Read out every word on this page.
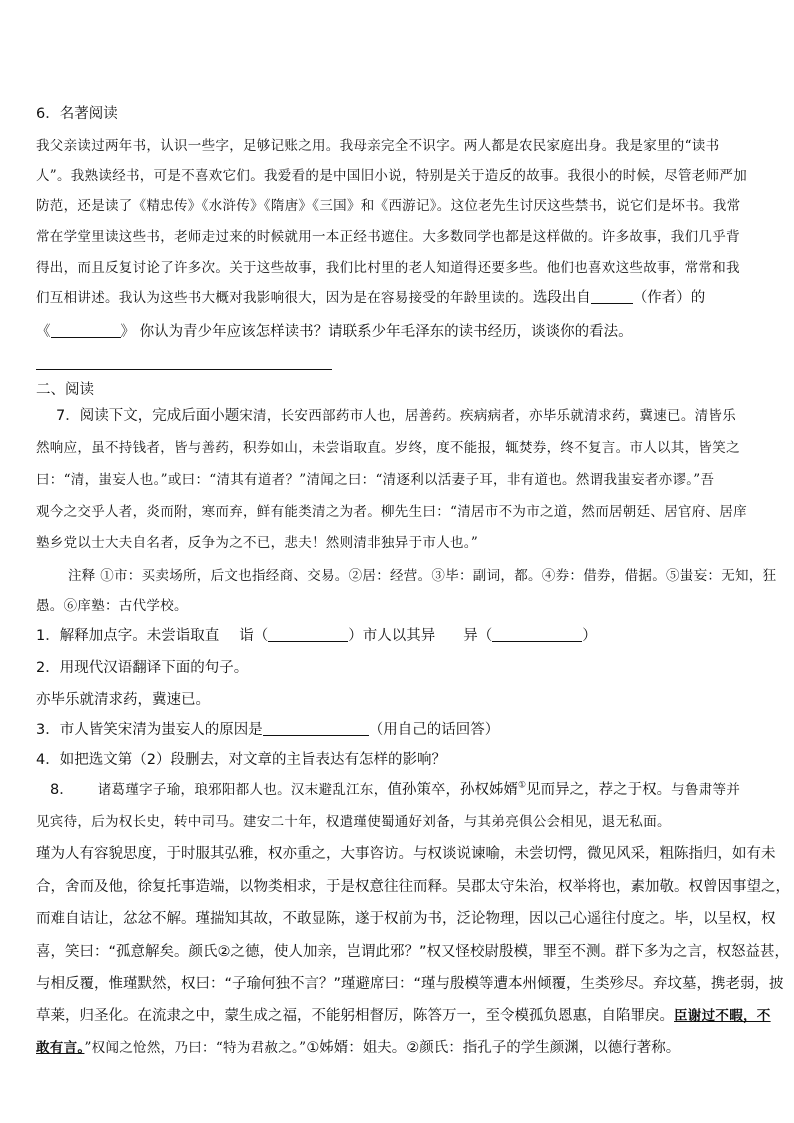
6．名著阅读
我父亲读过两年书，认识一些字，足够记账之用。我母亲完全不识字。两人都是农民家庭出身。我是家里的“读书
人”。我熟读经书，可是不喜欢它们。我爱看的是中国旧小说，特别是关于造反的故事。我很小的时候，尽管老师严加
防范，还是读了《精忠传》《水浒传》《隋唐》《三国》和《西游记》。这位老先生讨厌这些禁书，说它们是坏书。我常
常在学堂里读这些书，老师走过来的时候就用一本正经书遮住。大多数同学也都是这样做的。许多故事，我们几乎背
得出，而且反复讨论了许多次。关于这些故事，我们比村里的老人知道得还要多些。他们也喜欢这些故事，常常和我
们互相讲述。我认为这些书大概对我影响很大，因为是在容易接受的年龄里读的。选段出自	（作者）的
《	》 你认为青少年应该怎样读书？请联系少年毛泽东的读书经历，谈谈你的看法。
二、阅读
7．阅读下文，完成后面小题宋清，长安西部药市人也，居善药。疾病病者，亦毕乐就清求药，冀速已。清皆乐
然响应，虽不持钱者，皆与善药，积券如山，未尝诣取直。岁终，度不能报，辄焚券，终不复言。市人以其，皆笑之
曰：“清，蚩妄人也。”或曰：“清其有道者？”清闻之曰：“清逐利以活妻子耳，非有道也。然谓我蚩妄者亦谬。”吾
观今之交乎人者，炎而附，寒而弃，鲜有能类清之为者。柳先生曰：“清居市不为市之道，然而居朝廷、居官府、居庠
塾乡党以士大夫自名者，反争为之不已，悲夫！然则清非独异于市人也。”
注释 ①市：买卖场所，后文也指经商、交易。②居：经营。③毕：副词，都。④券：借券，借据。⑤蚩妄：无知，狂
愚。⑥庠塾：古代学校。
1．解释加点字。未尝诣取直 诣（	）市人以其异 异（	）
2．用现代汉语翻译下面的句子。
亦毕乐就清求药，冀速已。
3．市人皆笑宋清为蚩妄人的原因是	（用自己的话回答）
4．如把选文第（2）段删去，对文章的主旨表达有怎样的影响？
8． 诸葛瑾字子瑜，琅邪阳都人也。汉末避乱江东，值孙策卒，孙权姊婿①见而异之，荐之于权。与鲁肃等并
见宾待，后为权长史，转中司马。建安二十年，权遣瑾使蜀通好刘备，与其弟亮俱公会相见，退无私面。
瑾为人有容貌思度，于时服其弘雅，权亦重之，大事咨访。与权谈说谏喻，未尝切愕，微见风采，粗陈指归，如有未
合，舍而及他，徐复托事造端，以物类相求，于是权意往往而释。吴郡太守朱治，权举将也，素加敬。权曾因事望之，
而难自诘让，忿忿不解。瑾揣知其故，不敢显陈，遂于权前为书，泛论物理，因以己心遥往付度之。毕，以呈权，权
喜，笑曰：“孤意解矣。颜氏②之德，使人加亲，岂谓此邪？”权又怪校尉殷模，罪至不测。群下多为之言，权怒益甚，
与相反覆，惟瑾默然，权曰：“子瑜何独不言？”瑾避席曰：“瑾与殷模等遭本州倾覆，生类殄尽。弃坟墓，携老弱，披
草莱，归圣化。在流隶之中，蒙生成之福，不能躬相督厉，陈答万一，至令模孤负恩惠，自陷罪戾。臣谢过不暇，不
敢有言。”权闻之怆然，乃曰：“特为君赦之。”①姊婿：姐夫。②颜氏：指孔子的学生颜渊，以德行著称。
